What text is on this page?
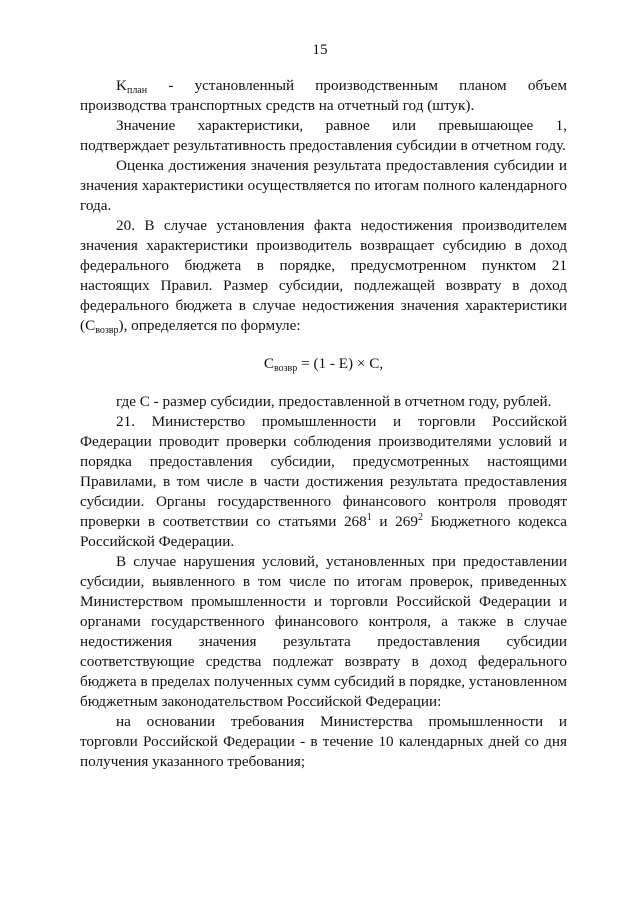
15

$K_{план}$ - установленный производственным планом объем производства транспортных средств на отчетный год (штук).

Значение характеристики, равное или превышающее 1, подтверждает результативность предоставления субсидии в отчетном году.

Оценка достижения значения результата предоставления субсидии и значения характеристики осуществляется по итогам полного календарного года.

20. В случае установления факта недостижения производителем значения характеристики производитель возвращает субсидию в доход федерального бюджета в порядке, предусмотренном пунктом 21 настоящих Правил. Размер субсидии, подлежащей возврату в доход федерального бюджета в случае недостижения значения характеристики $(C_{возвр})$, определяется по формуле:

$C_{возвр} = (1 - E) \times C$,

где C - размер субсидии, предоставленной в отчетном году, рублей.

21. Министерство промышленности и торговли Российской Федерации проводит проверки соблюдения производителями условий и порядка предоставления субсидии, предусмотренных настоящими Правилами, в том числе в части достижения результата предоставления субсидии. Органы государственного финансового контроля проводят проверки в соответствии со статьями $268^1$ и $269^2$ Бюджетного кодекса Российской Федерации.

В случае нарушения условий, установленных при предоставлении субсидии, выявленного в том числе по итогам проверок, приведенных Министерством промышленности и торговли Российской Федерации и органами государственного финансового контроля, а также в случае недостижения значения результата предоставления субсидии соответствующие средства подлежат возврату в доход федерального бюджета в пределах полученных сумм субсидий в порядке, установленном бюджетным законодательством Российской Федерации:

на основании требования Министерства промышленности и торговли Российской Федерации - в течение 10 календарных дней со дня получения указанного требования;
